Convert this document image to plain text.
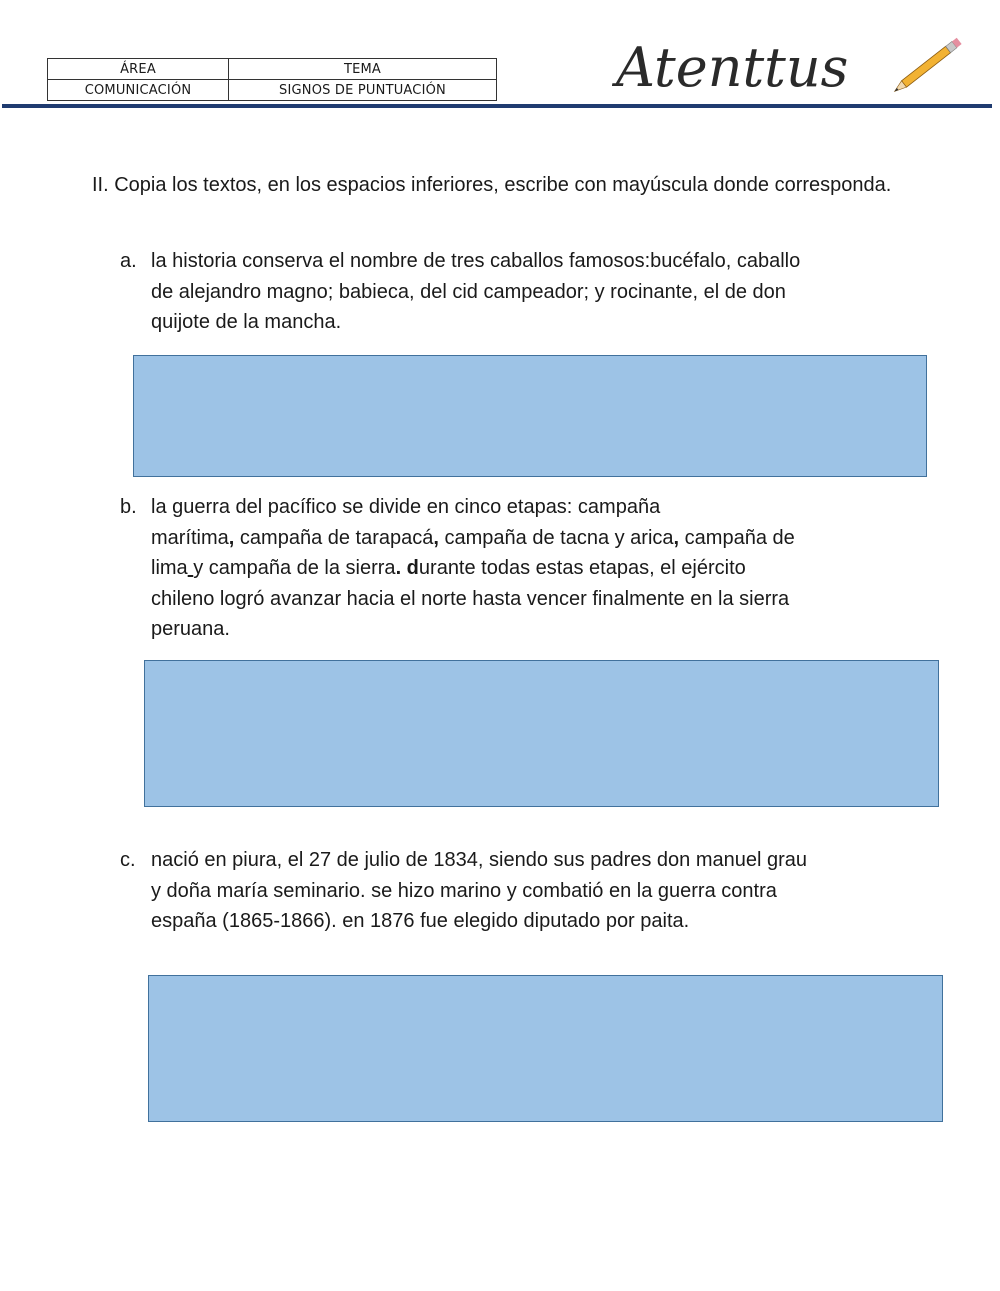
ÁREA	TEMA
COMUNICACIÓN	SIGNOS DE PUNTUACIÓN	Atenttus
II. Copia los textos, en los espacios inferiores, escribe con mayúscula donde corresponda.
a. la historia conserva el nombre de tres caballos famosos:bucéfalo, caballo
de alejandro magno; babieca, del cid campeador; y rocinante, el de don
quijote de la mancha.
b. la guerra del pacífico se divide en cinco etapas: campaña
marítima, campaña de tarapacá, campaña de tacna y arica, campaña de
lima y campaña de la sierra. durante todas estas etapas, el ejército
chileno logró avanzar hacia el norte hasta vencer finalmente en la sierra
peruana.
c. nació en piura, el 27 de julio de 1834, siendo sus padres don manuel grau
y doña maría seminario. se hizo marino y combatió en la guerra contra
españa (1865-1866). en 1876 fue elegido diputado por paita.
